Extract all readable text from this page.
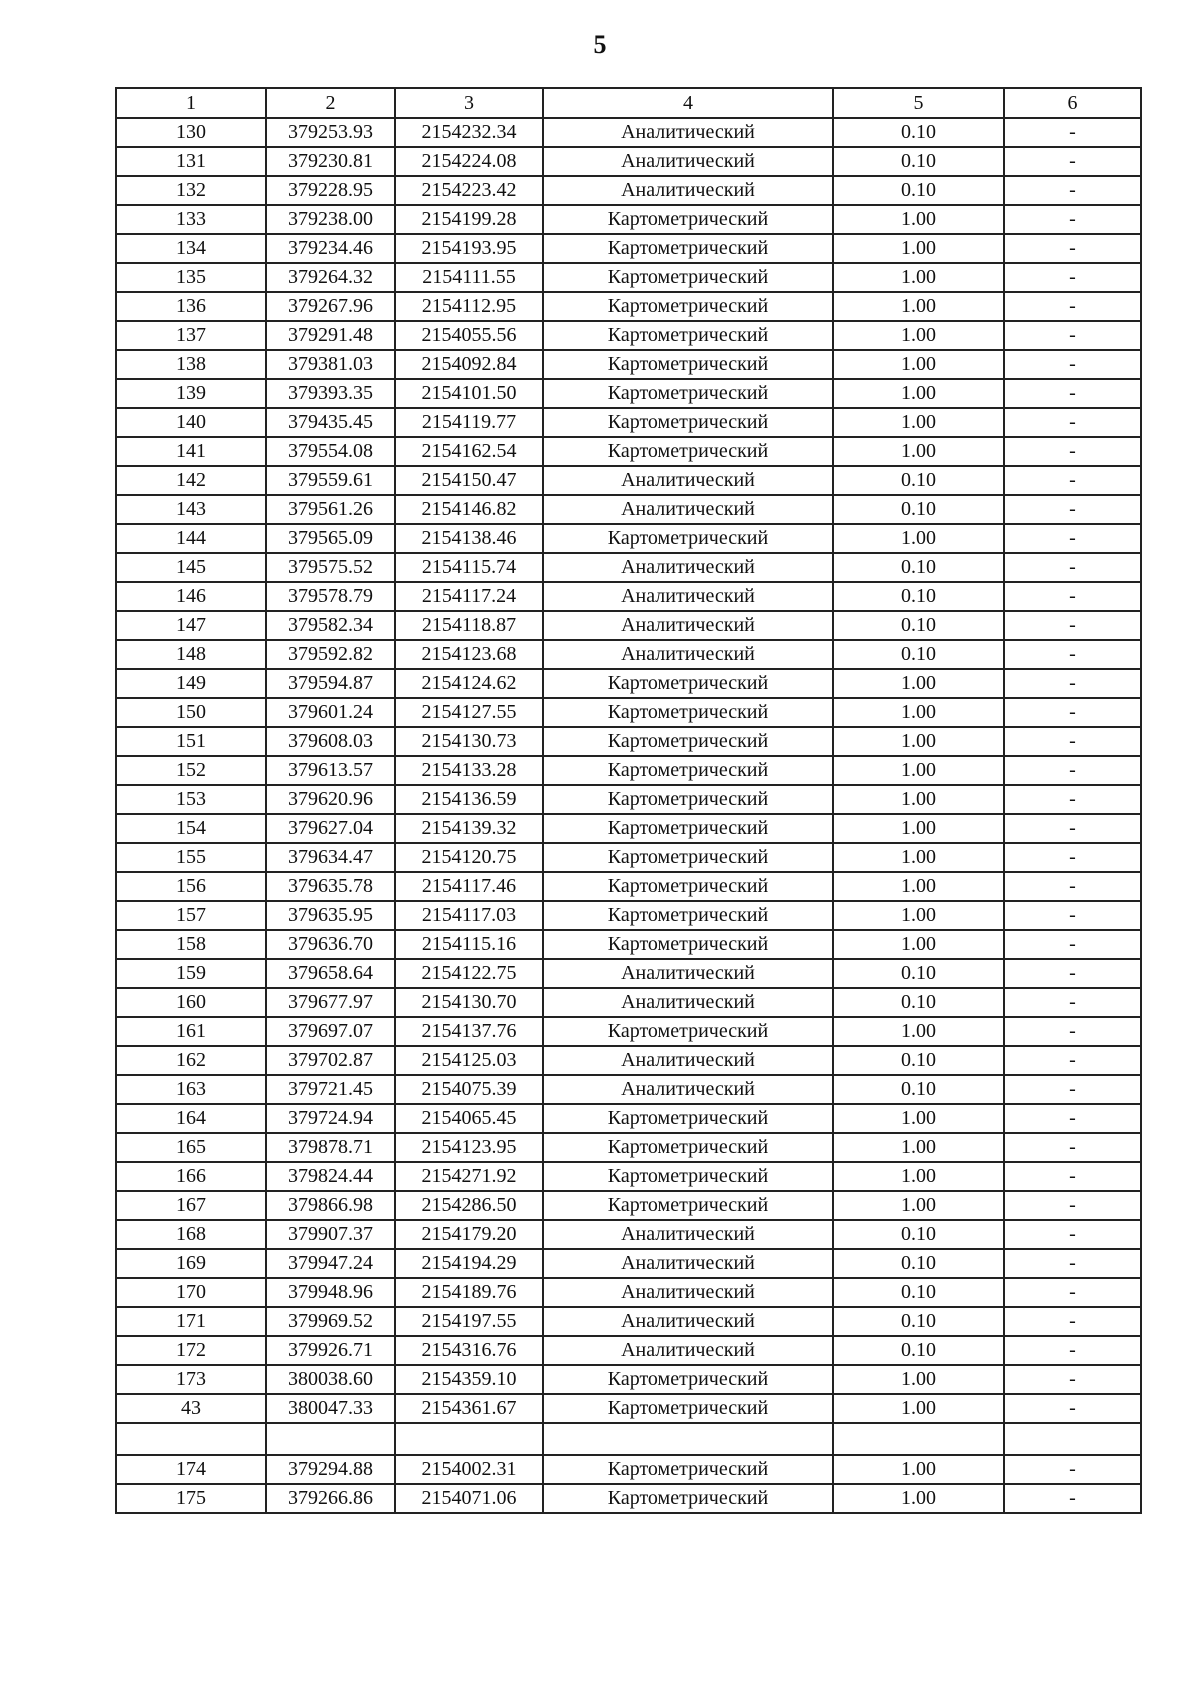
5
1	2	3	4	5	6
130	379253.93	2154232.34	Аналитический	0.10	-
131	379230.81	2154224.08	Аналитический	0.10	-
132	379228.95	2154223.42	Аналитический	0.10	-
133	379238.00	2154199.28	Картометрический	1.00	-
134	379234.46	2154193.95	Картометрический	1.00	-
135	379264.32	2154111.55	Картометрический	1.00	-
136	379267.96	2154112.95	Картометрический	1.00	-
137	379291.48	2154055.56	Картометрический	1.00	-
138	379381.03	2154092.84	Картометрический	1.00	-
139	379393.35	2154101.50	Картометрический	1.00	-
140	379435.45	2154119.77	Картометрический	1.00	-
141	379554.08	2154162.54	Картометрический	1.00	-
142	379559.61	2154150.47	Аналитический	0.10	-
143	379561.26	2154146.82	Аналитический	0.10	-
144	379565.09	2154138.46	Картометрический	1.00	-
145	379575.52	2154115.74	Аналитический	0.10	-
146	379578.79	2154117.24	Аналитический	0.10	-
147	379582.34	2154118.87	Аналитический	0.10	-
148	379592.82	2154123.68	Аналитический	0.10	-
149	379594.87	2154124.62	Картометрический	1.00	-
150	379601.24	2154127.55	Картометрический	1.00	-
151	379608.03	2154130.73	Картометрический	1.00	-
152	379613.57	2154133.28	Картометрический	1.00	-
153	379620.96	2154136.59	Картометрический	1.00	-
154	379627.04	2154139.32	Картометрический	1.00	-
155	379634.47	2154120.75	Картометрический	1.00	-
156	379635.78	2154117.46	Картометрический	1.00	-
157	379635.95	2154117.03	Картометрический	1.00	-
158	379636.70	2154115.16	Картометрический	1.00	-
159	379658.64	2154122.75	Аналитический	0.10	-
160	379677.97	2154130.70	Аналитический	0.10	-
161	379697.07	2154137.76	Картометрический	1.00	-
162	379702.87	2154125.03	Аналитический	0.10	-
163	379721.45	2154075.39	Аналитический	0.10	-
164	379724.94	2154065.45	Картометрический	1.00	-
165	379878.71	2154123.95	Картометрический	1.00	-
166	379824.44	2154271.92	Картометрический	1.00	-
167	379866.98	2154286.50	Картометрический	1.00	-
168	379907.37	2154179.20	Аналитический	0.10	-
169	379947.24	2154194.29	Аналитический	0.10	-
170	379948.96	2154189.76	Аналитический	0.10	-
171	379969.52	2154197.55	Аналитический	0.10	-
172	379926.71	2154316.76	Аналитический	0.10	-
173	380038.60	2154359.10	Картометрический	1.00	-
43	380047.33	2154361.67	Картометрический	1.00	-

174	379294.88	2154002.31	Картометрический	1.00	-
175	379266.86	2154071.06	Картометрический	1.00	-
